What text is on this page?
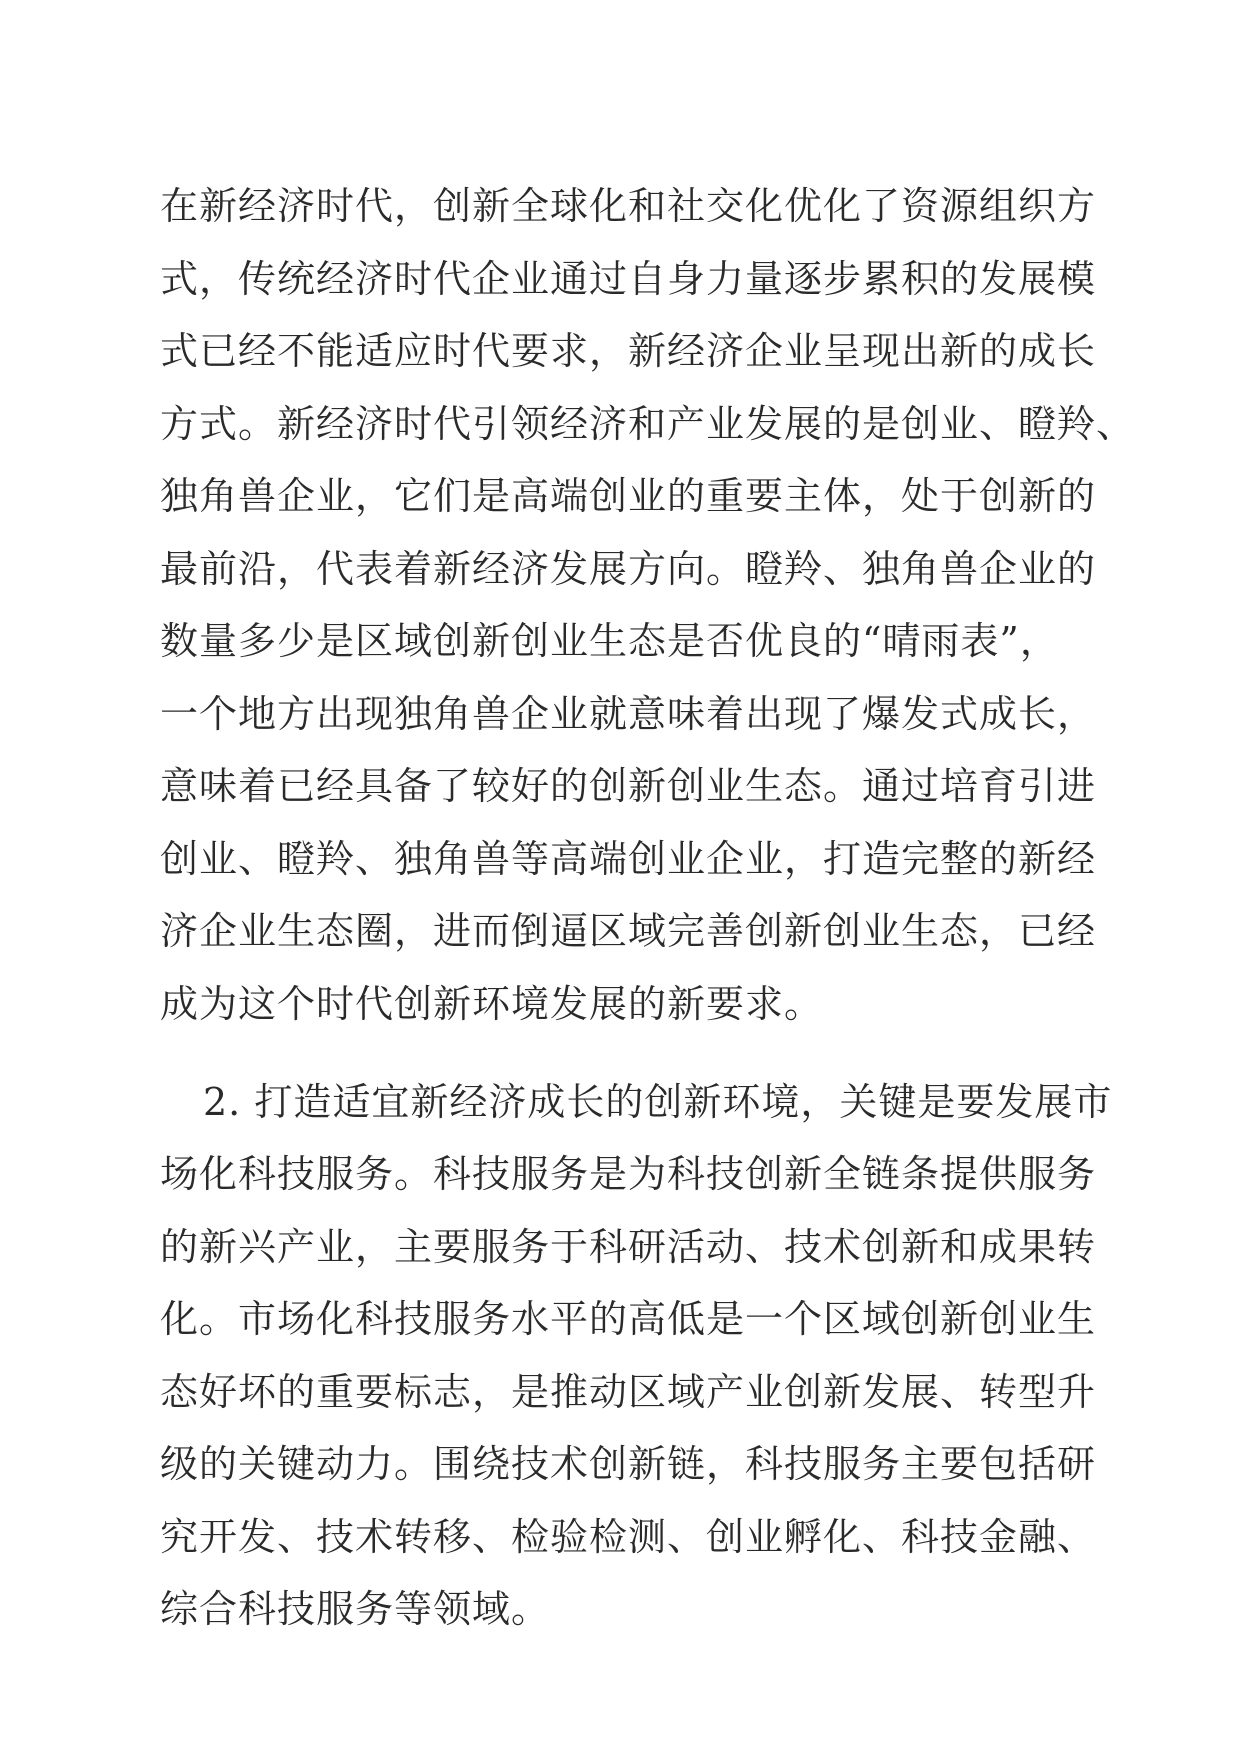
在新经济时代，创新全球化和社交化优化了资源组织方
式，传统经济时代企业通过自身力量逐步累积的发展模
式已经不能适应时代要求，新经济企业呈现出新的成长
方式。新经济时代引领经济和产业发展的是创业、瞪羚、
独角兽企业，它们是高端创业的重要主体，处于创新的
最前沿，代表着新经济发展方向。瞪羚、独角兽企业的
数量多少是区域创新创业生态是否优良的“晴雨表”，
一个地方出现独角兽企业就意味着出现了爆发式成长，
意味着已经具备了较好的创新创业生态。通过培育引进
创业、瞪羚、独角兽等高端创业企业，打造完整的新经
济企业生态圈，进而倒逼区域完善创新创业生态，已经
成为这个时代创新环境发展的新要求。
2. 打造适宜新经济成长的创新环境，关键是要发展市
场化科技服务。科技服务是为科技创新全链条提供服务
的新兴产业，主要服务于科研活动、技术创新和成果转
化。市场化科技服务水平的高低是一个区域创新创业生
态好坏的重要标志，是推动区域产业创新发展、转型升
级的关键动力。围绕技术创新链，科技服务主要包括研
究开发、技术转移、检验检测、创业孵化、科技金融、
综合科技服务等领域。
